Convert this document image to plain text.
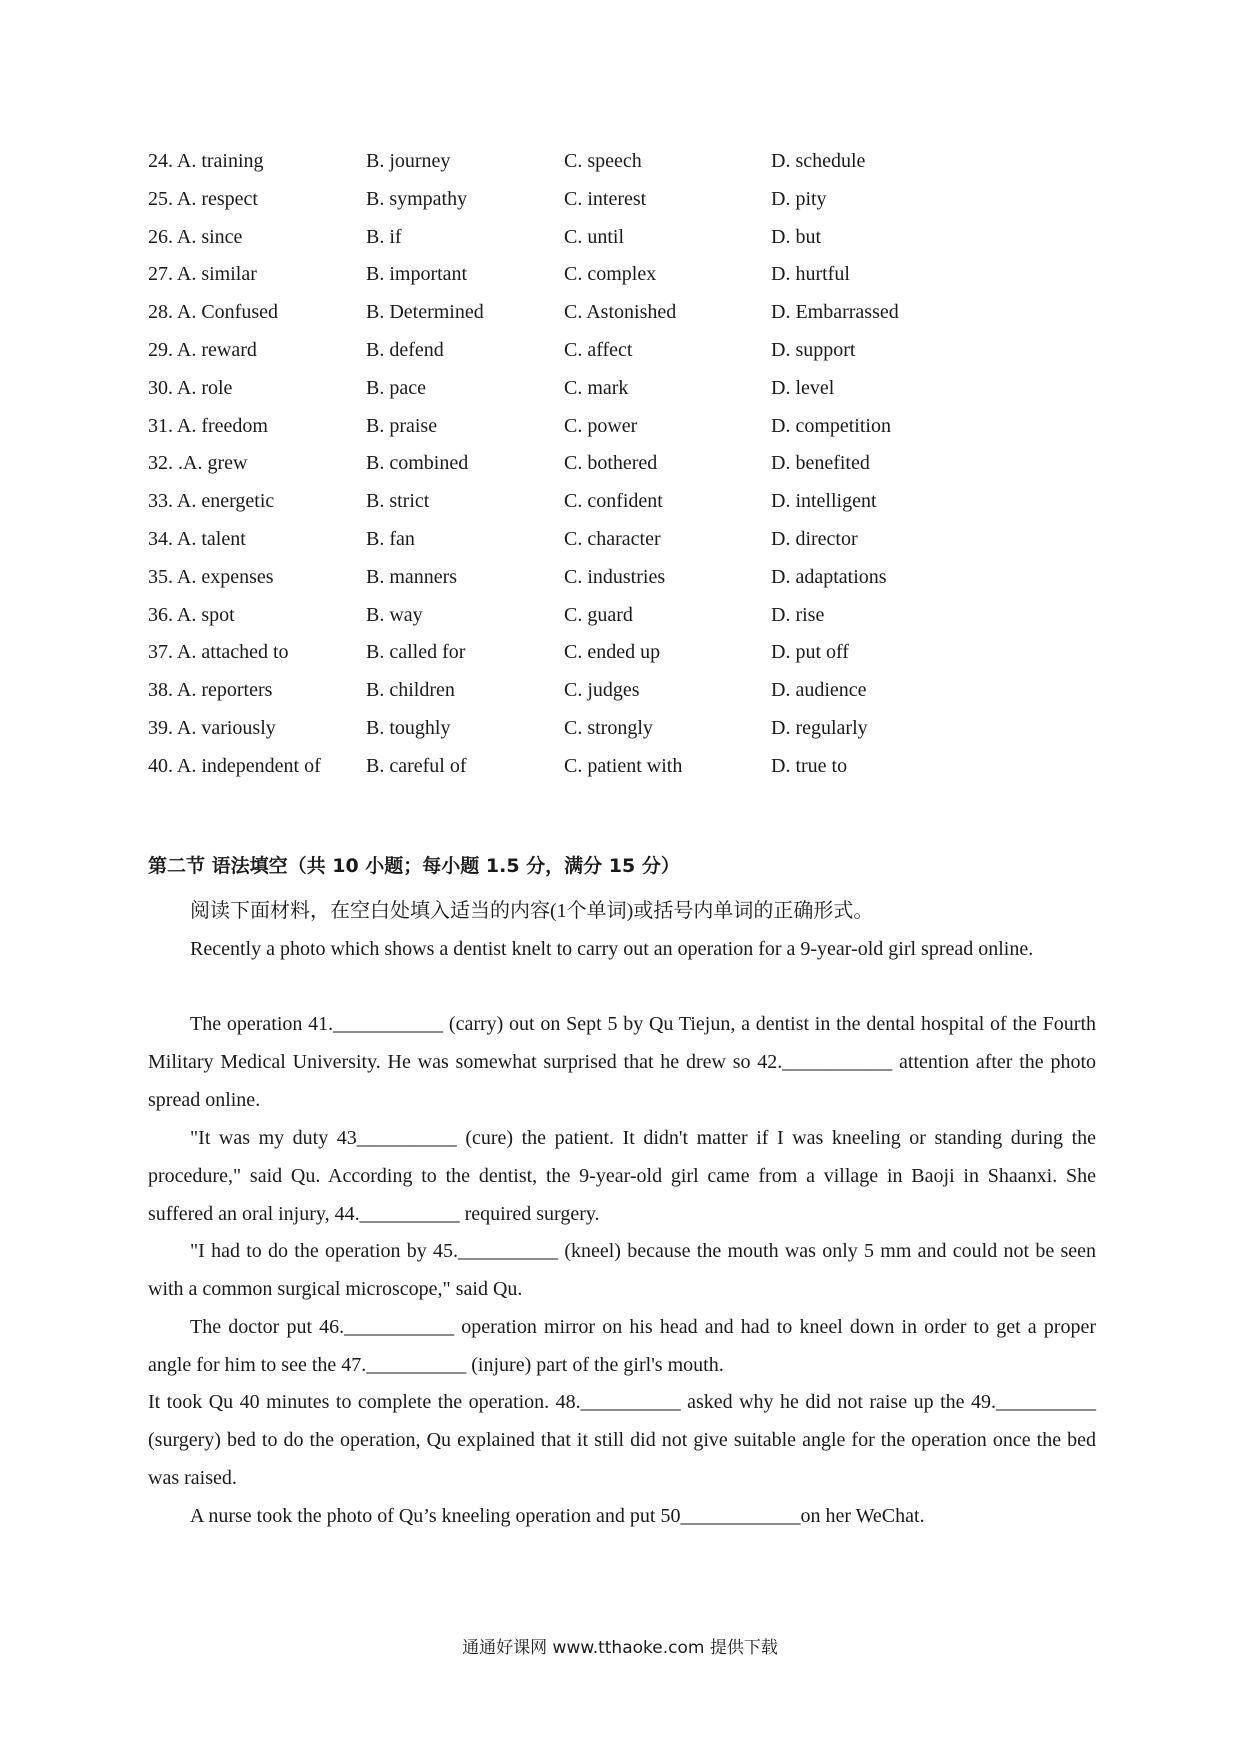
24. A. training	B. journey	C. speech	D. schedule
25. A. respect	B. sympathy	C. interest	D. pity
26. A. since	B. if	C. until	D. but
27. A. similar	B. important	C. complex	D. hurtful
28. A. Confused	B. Determined	C. Astonished	D. Embarrassed
29. A. reward	B. defend	C. affect	D. support
30. A. role	B. pace	C. mark	D. level
31. A. freedom	B. praise	C. power	D. competition
32. .A. grew	B. combined	C. bothered	D. benefited
33. A. energetic	B. strict	C. confident	D. intelligent
34. A. talent	B. fan	C. character	D. director
35. A. expenses	B. manners	C. industries	D. adaptations
36. A. spot	B. way	C. guard	D. rise
37. A. attached to	B. called for	C. ended up	D. put off
38. A. reporters	B. children	C. judges	D. audience
39. A. variously	B. toughly	C. strongly	D. regularly
40. A. independent of B. careful of	C. patient with	D. true to
第二节 语法填空（共 10 小题；每小题 1.5 分，满分 15 分）

阅读下面材料，在空白处填入适当的内容(1个单词)或括号内单词的正确形式。

Recently a photo which shows a dentist knelt to carry out an operation for a 9-year-old girl spread online.

The operation 41.___________ (carry) out on Sept 5 by Qu Tiejun, a dentist in the dental hospital of the Fourth Military Medical University. He was somewhat surprised that he drew so 42.___________ attention after the photo spread online.

"It was my duty 43__________ (cure) the patient. It didn't matter if I was kneeling or standing during the procedure," said Qu. According to the dentist, the 9-year-old girl came from a village in Baoji in Shaanxi. She suffered an oral injury, 44.__________ required surgery.

"I had to do the operation by 45.__________ (kneel) because the mouth was only 5 mm and could not be seen with a common surgical microscope," said Qu.

The doctor put 46.___________ operation mirror on his head and had to kneel down in order to get a proper angle for him to see the 47.__________ (injure) part of the girl's mouth.

It took Qu 40 minutes to complete the operation. 48.__________ asked why he did not raise up the 49.__________ (surgery) bed to do the operation, Qu explained that it still did not give suitable angle for the operation once the bed was raised.

A nurse took the photo of Qu’s kneeling operation and put 50____________on her WeChat.

通通好课网 www.tthaoke.com 提供下载
